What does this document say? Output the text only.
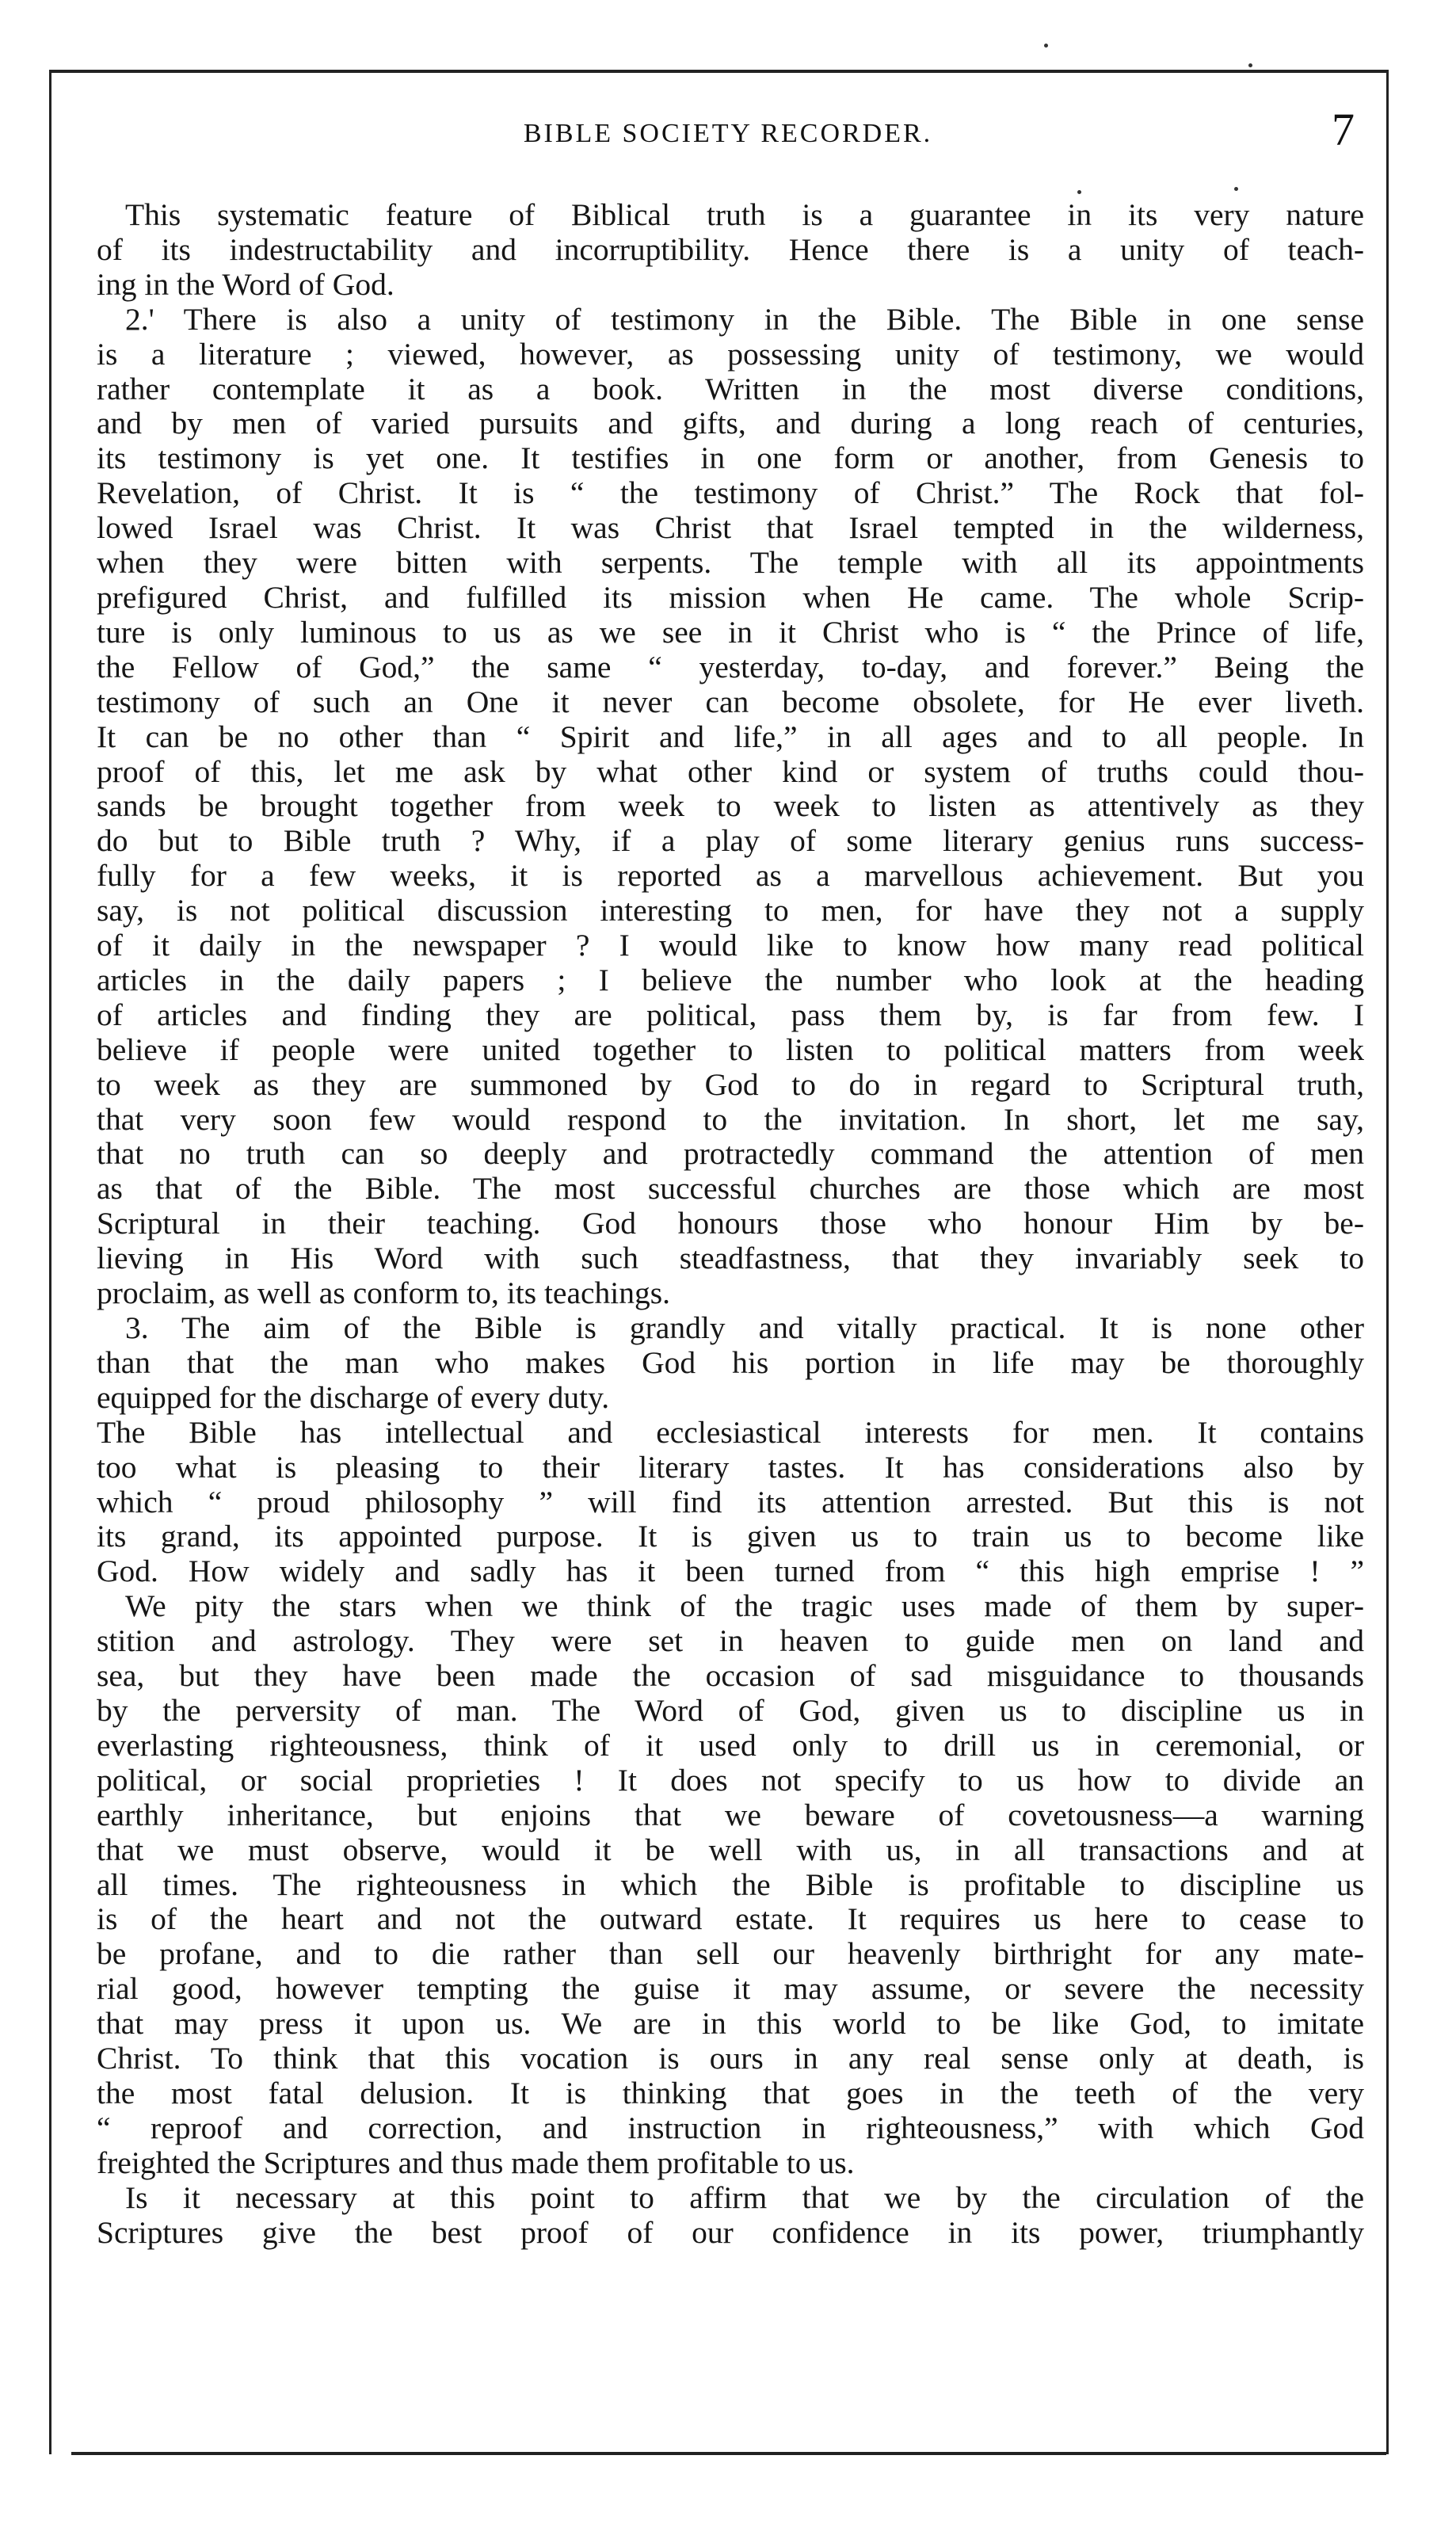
BIBLE SOCIETY RECORDER.	7
This systematic feature of Biblical truth is a guarantee in its very nature
of its indestructability and incorruptibility. Hence there is a unity of teach-
ing in the Word of God.
2.' There is also a unity of testimony in the Bible. The Bible in one sense
is a literature ; viewed, however, as possessing unity of testimony, we would
rather contemplate it as a book. Written in the most diverse conditions,
and by men of varied pursuits and gifts, and during a long reach of centuries,
its testimony is yet one. It testifies in one form or another, from Genesis to
Revelation, of Christ. It is “ the testimony of Christ.” The Rock that fol-
lowed Israel was Christ. It was Christ that Israel tempted in the wilderness,
when they were bitten with serpents. The temple with all its appointments
prefigured Christ, and fulfilled its mission when He came. The whole Scrip-
ture is only luminous to us as we see in it Christ who is “ the Prince of life,
the Fellow of God,” the same “ yesterday, to-day, and forever.” Being the
testimony of such an One it never can become obsolete, for He ever liveth.
It can be no other than “ Spirit and life,” in all ages and to all people. In
proof of this, let me ask by what other kind or system of truths could thou-
sands be brought together from week to week to listen as attentively as they
do but to Bible truth ? Why, if a play of some literary genius runs success-
fully for a few weeks, it is reported as a marvellous achievement. But you
say, is not political discussion interesting to men, for have they not a supply
of it daily in the newspaper ? I would like to know how many read political
articles in the daily papers ; I believe the number who look at the heading
of articles and finding they are political, pass them by, is far from few. I
believe if people were united together to listen to political matters from week
to week as they are summoned by God to do in regard to Scriptural truth,
that very soon few would respond to the invitation. In short, let me say,
that no truth can so deeply and protractedly command the attention of men
as that of the Bible. The most successful churches are those which are most
Scriptural in their teaching. God honours those who honour Him by be-
lieving in His Word with such steadfastness, that they invariably seek to
proclaim, as well as conform to, its teachings.
3. The aim of the Bible is grandly and vitally practical. It is none other
than that the man who makes God his portion in life may be thoroughly
equipped for the discharge of every duty.
The Bible has intellectual and ecclesiastical interests for men. It contains
too what is pleasing to their literary tastes. It has considerations also by
which “ proud philosophy ” will find its attention arrested. But this is not
its grand, its appointed purpose. It is given us to train us to become like
God. How widely and sadly has it been turned from “ this high emprise ! ”
We pity the stars when we think of the tragic uses made of them by super-
stition and astrology. They were set in heaven to guide men on land and
sea, but they have been made the occasion of sad misguidance to thousands
by the perversity of man. The Word of God, given us to discipline us in
everlasting righteousness, think of it used only to drill us in ceremonial, or
political, or social proprieties ! It does not specify to us how to divide an
earthly inheritance, but enjoins that we beware of covetousness—a warning
that we must observe, would it be well with us, in all transactions and at
all times. The righteousness in which the Bible is profitable to discipline us
is of the heart and not the outward estate. It requires us here to cease to
be profane, and to die rather than sell our heavenly birthright for any mate-
rial good, however tempting the guise it may assume, or severe the necessity
that may press it upon us. We are in this world to be like God, to imitate
Christ. To think that this vocation is ours in any real sense only at death, is
the most fatal delusion. It is thinking that goes in the teeth of the very
“ reproof and correction, and instruction in righteousness,” with which God
freighted the Scriptures and thus made them profitable to us.
Is it necessary at this point to affirm that we by the circulation of the
Scriptures give the best proof of our confidence in its power, triumphantly
